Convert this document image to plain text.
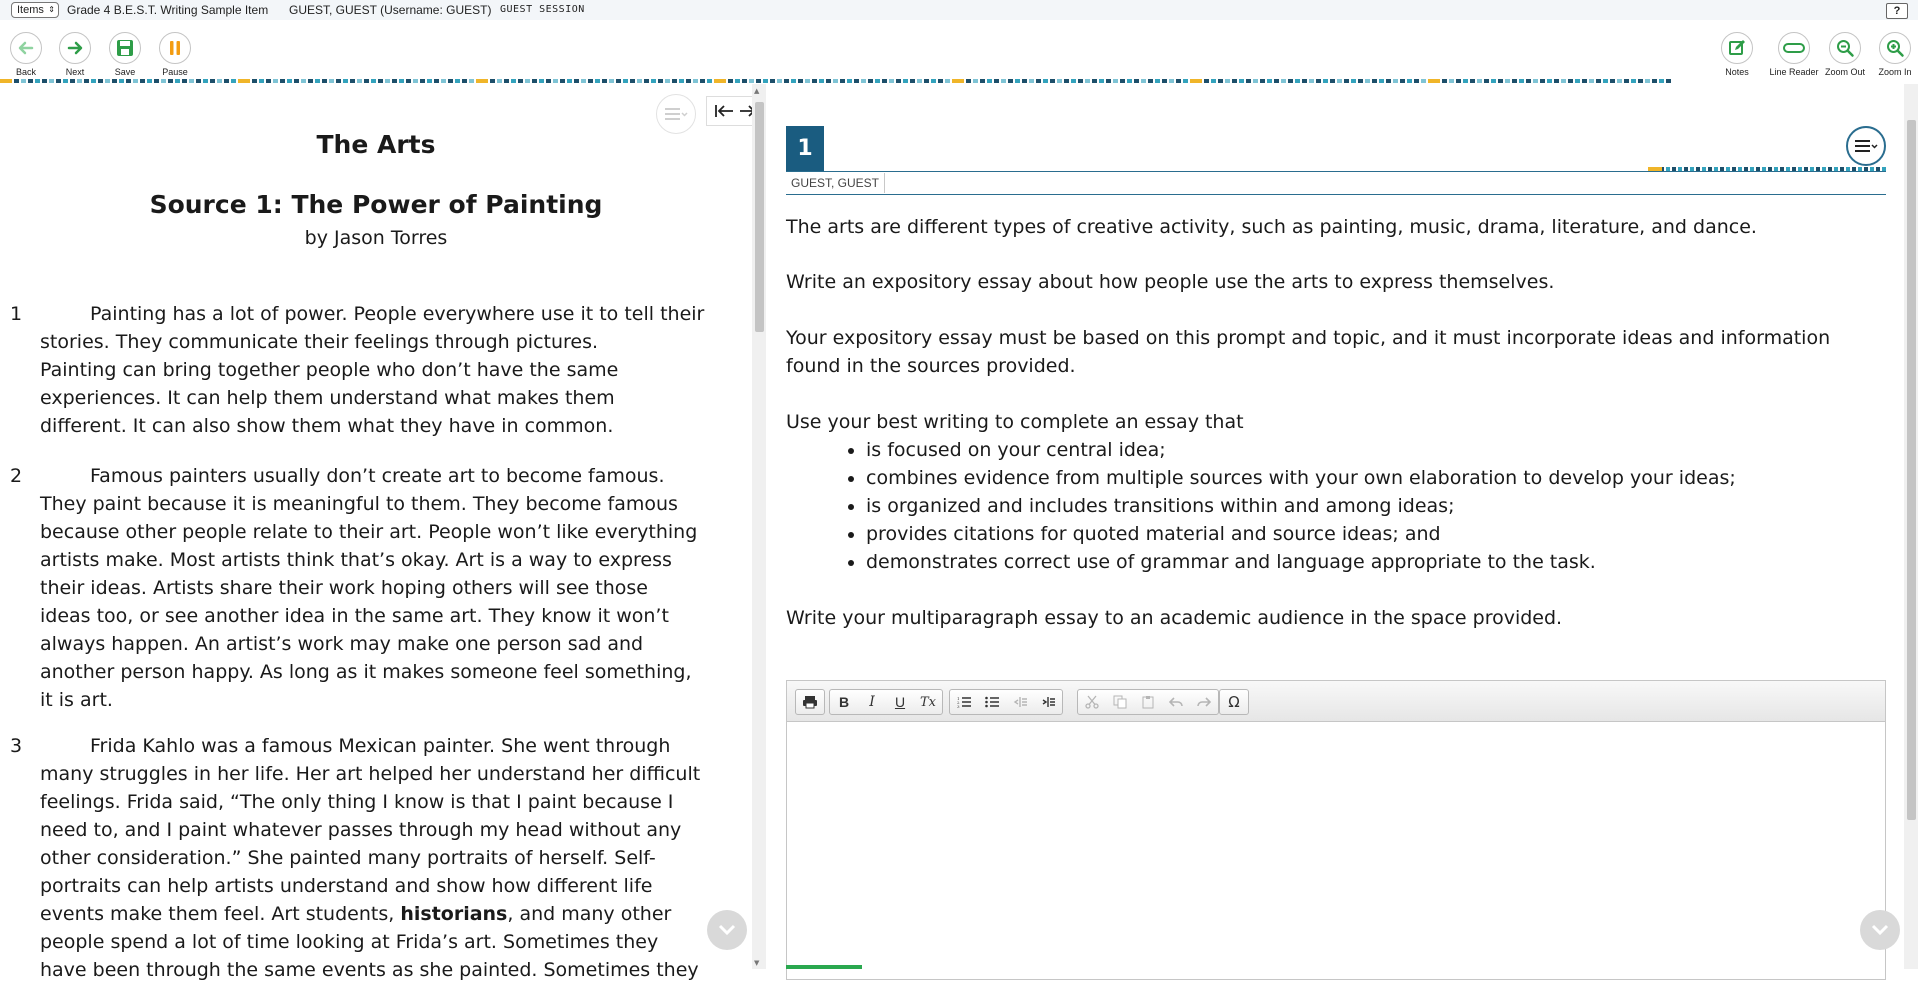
Items ⇕ Grade 4 B.E.S.T. Writing Sample Item GUEST, GUEST (Username: GUEST) GUEST SESSION	?
Back	Next	Save	Pause	Notes	Line Reader Zoom Out	Zoom In
The Arts
Source 1: The Power of Painting
by Jason Torres
1	Painting has a lot of power. People everywhere use it to tell their
stories. They communicate their feelings through pictures.
Painting can bring together people who don’t have the same
experiences. It can help them understand what makes them
different. It can also show them what they have in common.
2	Famous painters usually don’t create art to become famous.
They paint because it is meaningful to them. They become famous
because other people relate to their art. People won’t like everything
artists make. Most artists think that’s okay. Art is a way to express
their ideas. Artists share their work hoping others will see those
ideas too, or see another idea in the same art. They know it won’t
always happen. An artist’s work may make one person sad and
another person happy. As long as it makes someone feel something,
it is art.
3	Frida Kahlo was a famous Mexican painter. She went through
many struggles in her life. Her art helped her understand her difficult
feelings. Frida said, “The only thing I know is that I paint because I
need to, and I paint whatever passes through my head without any
other consideration.” She painted many portraits of herself. Self-
portraits can help artists understand and show how different life
events make them feel. Art students, historians, and many other
people spend a lot of time looking at Frida’s art. Sometimes they
have been through the same events as she painted. Sometimes they
▲
▼
1
GUEST, GUEST
The arts are different types of creative activity, such as painting, music, drama, literature, and dance.
Write an expository essay about how people use the arts to express themselves.
Your expository essay must be based on this prompt and topic, and it must incorporate ideas and information
found in the sources provided.
Use your best writing to complete an essay that
• is focused on your central idea;
• combines evidence from multiple sources with your own elaboration to develop your ideas;
• is organized and includes transitions within and among ideas;
• provides citations for quoted material and source ideas; and
• demonstrates correct use of grammar and language appropriate to the task.
Write your multiparagraph essay to an academic audience in the space provided.
B	I	U	Tx	1
2
3	Ω
